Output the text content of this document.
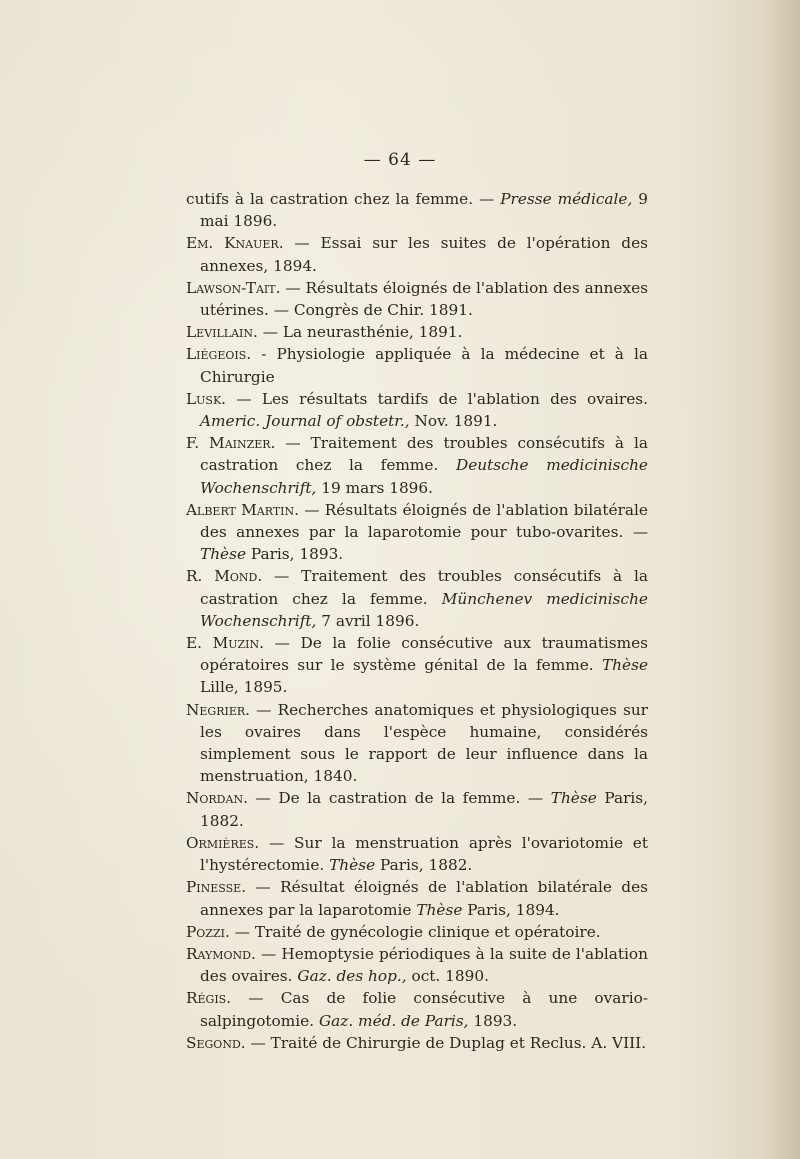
— 64 —

cutifs à la castration chez la femme. — Presse médicale, 9 mai 1896.

Em. Knauer. — Essai sur les suites de l'opération des annexes, 1894.

Lawson-Tait. — Résultats éloignés de l'ablation des annexes utérines. — Congrès de Chir. 1891.

Levillain. — La neurasthénie, 1891.

Liégeois. - Physiologie appliquée à la médecine et à la Chirurgie

Lusk. — Les résultats tardifs de l'ablation des ovaires. Americ. Journal of obstetr., Nov. 1891.

F. Mainzer. — Traitement des troubles consécutifs à la castration chez la femme. Deutsche medicinische Wochenschrift, 19 mars 1896.

Albert Martin. — Résultats éloignés de l'ablation bilatérale des annexes par la laparotomie pour tubo-ovarites. — Thèse Paris, 1893.

R. Mond. — Traitement des troubles consécutifs à la castration chez la femme. Münchenev medicinische Wochenschrift, 7 avril 1896.

E. Muzin. — De la folie consécutive aux traumatismes opératoires sur le système génital de la femme. Thèse Lille, 1895.

Negrier. — Recherches anatomiques et physiologiques sur les ovaires dans l'espèce humaine, considérés simplement sous le rapport de leur influence dans la menstruation, 1840.

Nordan. — De la castration de la femme. — Thèse Paris, 1882.

Ormières. — Sur la menstruation après l'ovariotomie et l'hystérectomie. Thèse Paris, 1882.

Pinesse. — Résultat éloignés de l'ablation bilatérale des annexes par la laparotomie Thèse Paris, 1894.

Pozzi. — Traité de gynécologie clinique et opératoire.

Raymond. — Hemoptysie périodiques à la suite de l'ablation des ovaires. Gaz. des hop., oct. 1890.

Régis. — Cas de folie consécutive à une ovario-salpingotomie. Gaz. méd. de Paris, 1893.

Segond. — Traité de Chirurgie de Duplag et Reclus. A. VIII.
